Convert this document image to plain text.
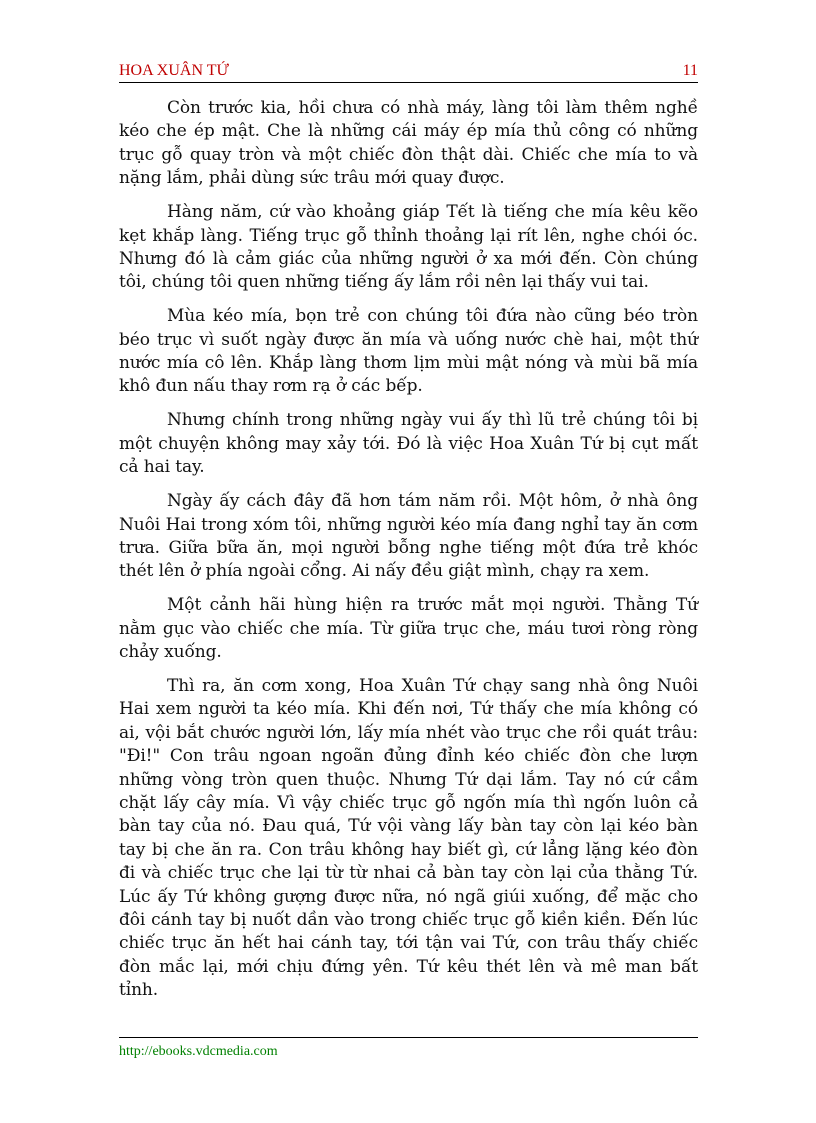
HOA XUÂN TỨ	11

Còn trước kia, hồi chưa có nhà máy, làng tôi làm thêm nghề kéo che ép mật. Che là những cái máy ép mía thủ công có những trục gỗ quay tròn và một chiếc đòn thật dài. Chiếc che mía to và nặng lắm, phải dùng sức trâu mới quay được.

Hàng năm, cứ vào khoảng giáp Tết là tiếng che mía kêu kẽo kẹt khắp làng. Tiếng trục gỗ thỉnh thoảng lại rít lên, nghe chói óc. Nhưng đó là cảm giác của những người ở xa mới đến. Còn chúng tôi, chúng tôi quen những tiếng ấy lắm rồi nên lại thấy vui tai.

Mùa kéo mía, bọn trẻ con chúng tôi đứa nào cũng béo tròn béo trục vì suốt ngày được ăn mía và uống nước chè hai, một thứ nước mía cô lên. Khắp làng thơm lịm mùi mật nóng và mùi bã mía khô đun nấu thay rơm rạ ở các bếp.

Nhưng chính trong những ngày vui ấy thì lũ trẻ chúng tôi bị một chuyện không may xảy tới. Đó là việc Hoa Xuân Tứ bị cụt mất cả hai tay.

Ngày ấy cách đây đã hơn tám năm rồi. Một hôm, ở nhà ông Nuôi Hai trong xóm tôi, những người kéo mía đang nghỉ tay ăn cơm trưa. Giữa bữa ăn, mọi người bỗng nghe tiếng một đứa trẻ khóc thét lên ở phía ngoài cổng. Ai nấy đều giật mình, chạy ra xem.

Một cảnh hãi hùng hiện ra trước mắt mọi người. Thằng Tứ nằm gục vào chiếc che mía. Từ giữa trục che, máu tươi ròng ròng chảy xuống.

Thì ra, ăn cơm xong, Hoa Xuân Tứ chạy sang nhà ông Nuôi Hai xem người ta kéo mía. Khi đến nơi, Tứ thấy che mía không có ai, vội bắt chước người lớn, lấy mía nhét vào trục che rồi quát trâu: "Đi!" Con trâu ngoan ngoãn đủng đỉnh kéo chiếc đòn che lượn những vòng tròn quen thuộc. Nhưng Tứ dại lắm. Tay nó cứ cầm chặt lấy cây mía. Vì vậy chiếc trục gỗ ngốn mía thì ngốn luôn cả bàn tay của nó. Đau quá, Tứ vội vàng lấy bàn tay còn lại kéo bàn tay bị che ăn ra. Con trâu không hay biết gì, cứ lẳng lặng kéo đòn đi và chiếc trục che lại từ từ nhai cả bàn tay còn lại của thằng Tứ. Lúc ấy Tứ không gượng được nữa, nó ngã giúi xuống, để mặc cho đôi cánh tay bị nuốt dần vào trong chiếc trục gỗ kiền kiền. Đến lúc chiếc trục ăn hết hai cánh tay, tới tận vai Tứ, con trâu thấy chiếc đòn mắc lại, mới chịu đứng yên. Tứ kêu thét lên và mê man bất tỉnh.

http://ebooks.vdcmedia.com
